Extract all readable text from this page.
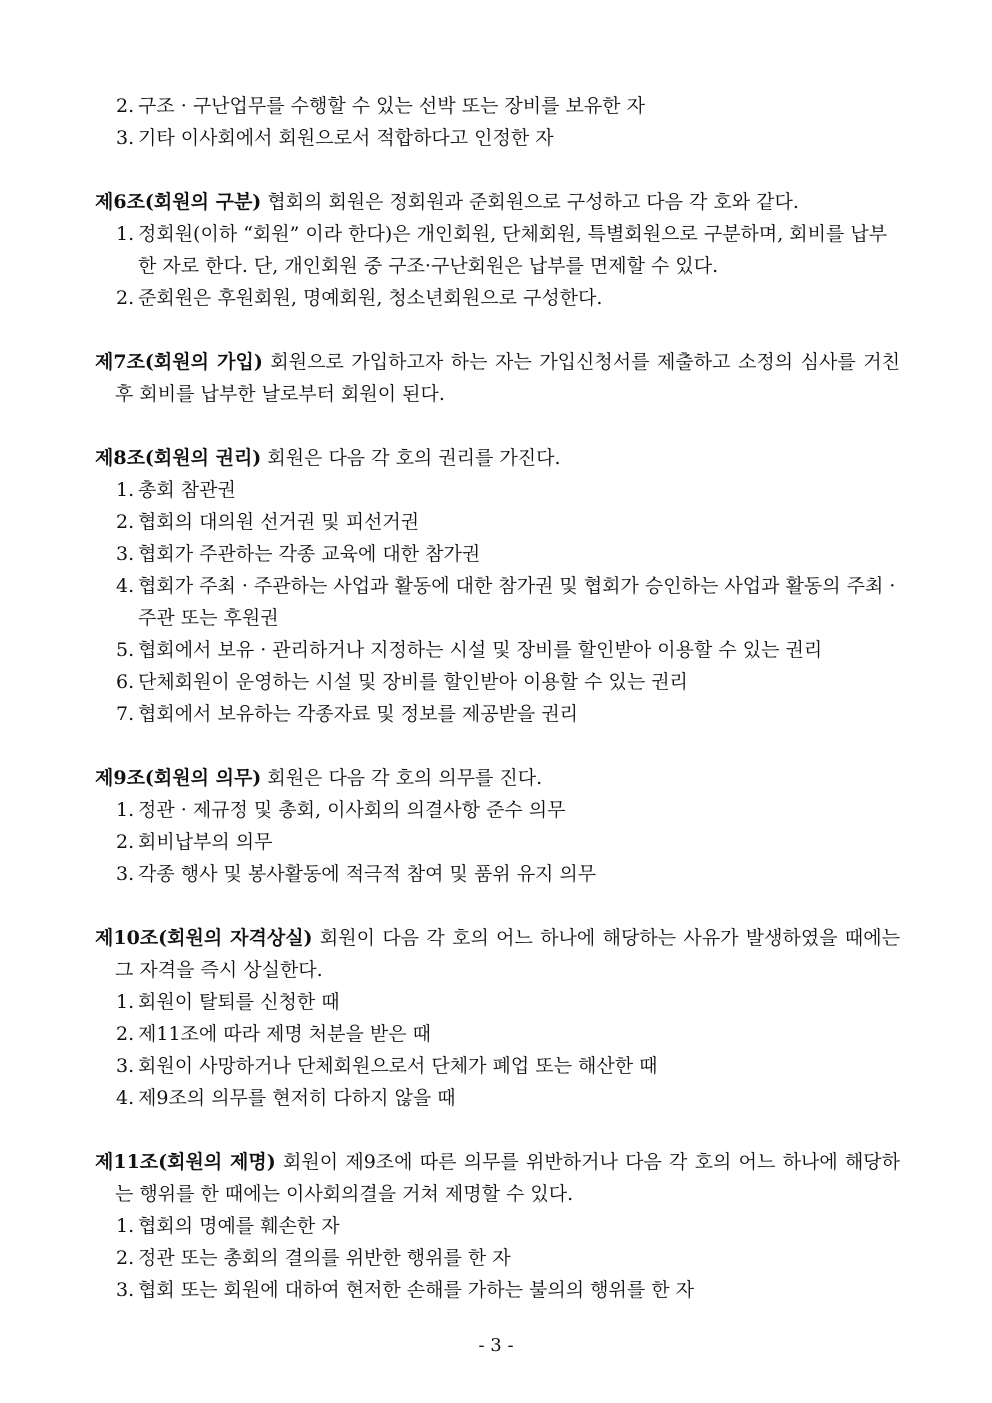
2. 구조 · 구난업무를 수행할 수 있는 선박 또는 장비를 보유한 자
3. 기타 이사회에서 회원으로서 적합하다고 인정한 자
제6조(회원의 구분) 협회의 회원은 정회원과 준회원으로 구성하고 다음 각 호와 같다.
1. 정회원(이하 “회원” 이라 한다)은 개인회원, 단체회원, 특별회원으로 구분하며, 회비를 납부한 자로 한다. 단, 개인회원 중 구조·구난회원은 납부를 면제할 수 있다.
2. 준회원은 후원회원, 명예회원, 청소년회원으로 구성한다.
제7조(회원의 가입) 회원으로 가입하고자 하는 자는 가입신청서를 제출하고 소정의 심사를 거친 후 회비를 납부한 날로부터 회원이 된다.
제8조(회원의 권리) 회원은 다음 각 호의 권리를 가진다.
1. 총회 참관권
2. 협회의 대의원 선거권 및 피선거권
3. 협회가 주관하는 각종 교육에 대한 참가권
4. 협회가 주최 · 주관하는 사업과 활동에 대한 참가권 및 협회가 승인하는 사업과 활동의 주최 · 주관 또는 후원권
5. 협회에서 보유 · 관리하거나 지정하는 시설 및 장비를 할인받아 이용할 수 있는 권리
6. 단체회원이 운영하는 시설 및 장비를 할인받아 이용할 수 있는 권리
7. 협회에서 보유하는 각종자료 및 정보를 제공받을 권리
제9조(회원의 의무) 회원은 다음 각 호의 의무를 진다.
1. 정관 · 제규정 및 총회, 이사회의 의결사항 준수 의무
2. 회비납부의 의무
3. 각종 행사 및 봉사활동에 적극적 참여 및 품위 유지 의무
제10조(회원의 자격상실) 회원이 다음 각 호의 어느 하나에 해당하는 사유가 발생하였을 때에는 그 자격을 즉시 상실한다.
1. 회원이 탈퇴를 신청한 때
2. 제11조에 따라 제명 처분을 받은 때
3. 회원이 사망하거나 단체회원으로서 단체가 폐업 또는 해산한 때
4. 제9조의 의무를 현저히 다하지 않을 때
제11조(회원의 제명) 회원이 제9조에 따른 의무를 위반하거나 다음 각 호의 어느 하나에 해당하는 행위를 한 때에는 이사회의결을 거쳐 제명할 수 있다.
1. 협회의 명예를 훼손한 자
2. 정관 또는 총회의 결의를 위반한 행위를 한 자
3. 협회 또는 회원에 대하여 현저한 손해를 가하는 불의의 행위를 한 자
- 3 -
